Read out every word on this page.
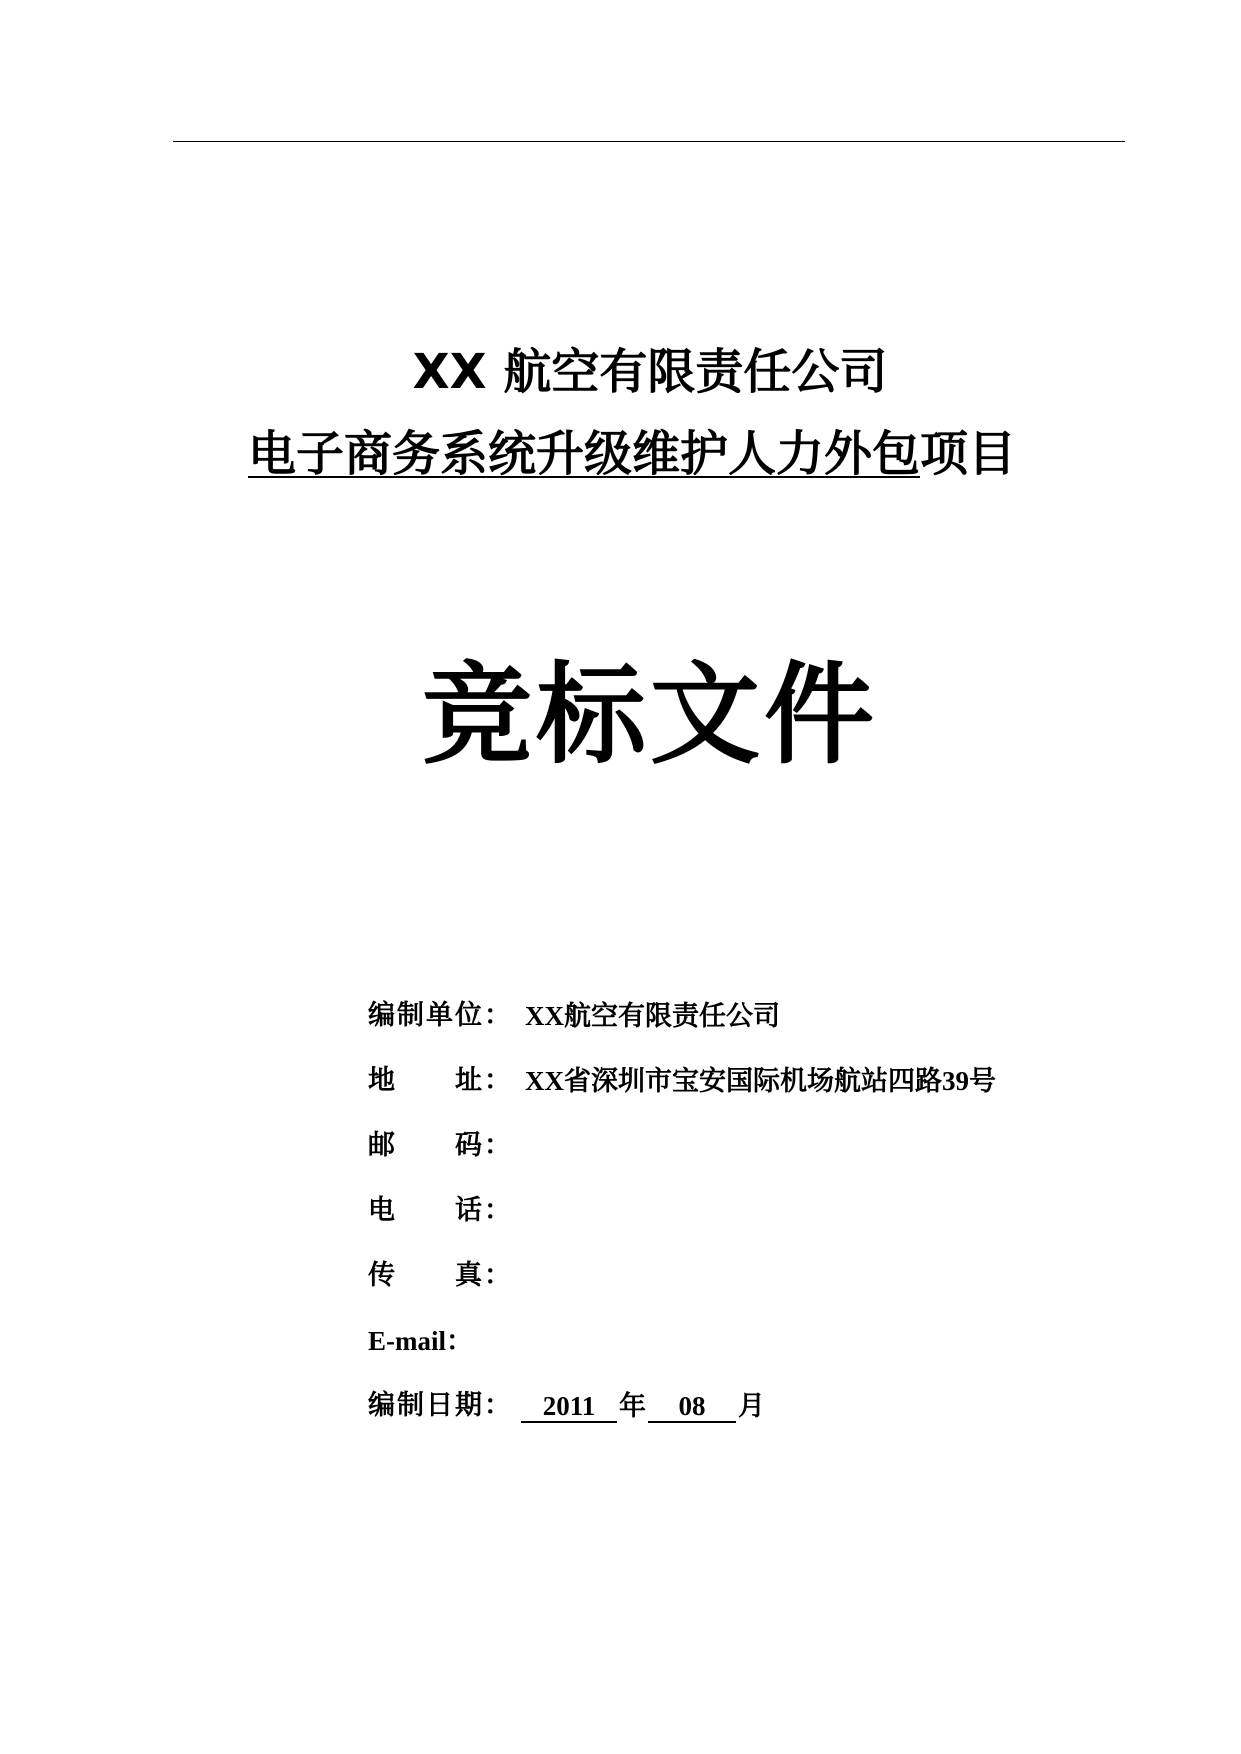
XX 航空有限责任公司
电子商务系统升级维护人力外包项目
竞标文件
编制单位： XX航空有限责任公司
地　　址： XX省深圳市宝安国际机场航站四路39号
邮　　码：
电　　话：
传　　真：
E-mail：
编制日期：	2011 年 08 月
